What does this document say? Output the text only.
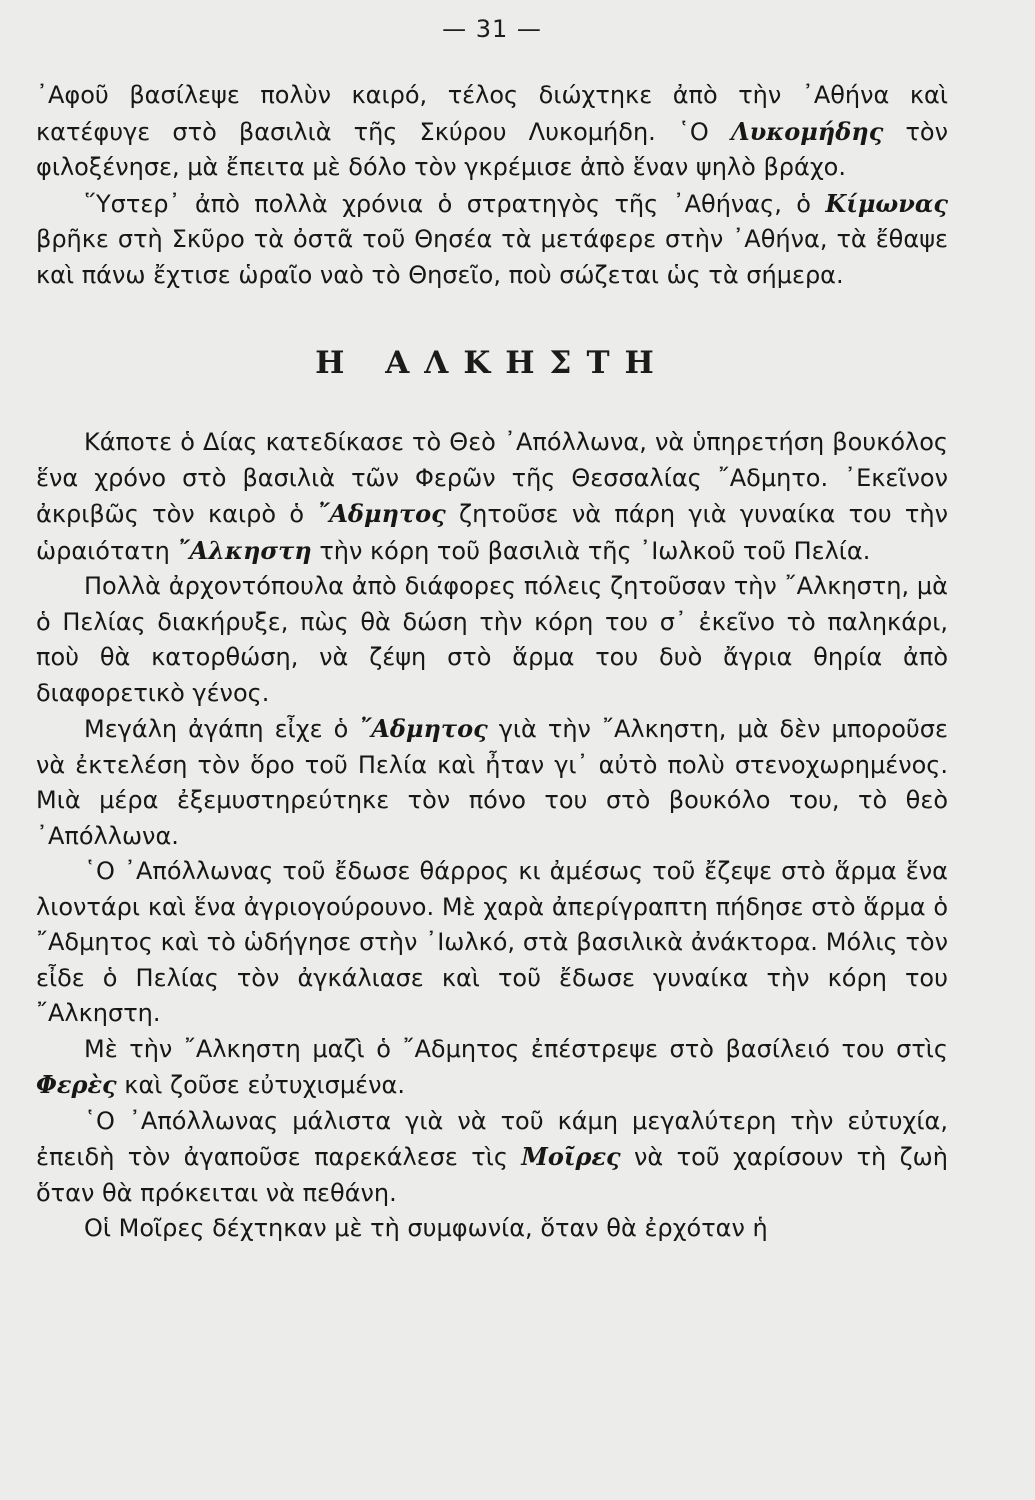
— 31 —

᾿Αφοῦ βασίλεψε πολὺν καιρό, τέλος διώχτηκε ἀπὸ τὴν ᾿Αθήνα καὶ κατέφυγε στὸ βασιλιὰ τῆς Σκύρου Λυκομήδη. ῾Ο Λυκομήδης τὸν φιλοξένησε, μὰ ἔπειτα μὲ δόλο τὸν γκρέμισε ἀπὸ ἕναν ψηλὸ βράχο.

῞Υστερ᾿ ἀπὸ πολλὰ χρόνια ὁ στρατηγὸς τῆς ᾿Αθήνας, ὁ Κίμωνας βρῆκε στὴ Σκῦρο τὰ ὀστᾶ τοῦ Θησέα τὰ μετάφερε στὴν ᾿Αθήνα, τὰ ἔθαψε καὶ πάνω ἔχτισε ὡραῖο ναὸ τὸ Θησεῖο, ποὺ σώζεται ὡς τὰ σήμερα.

Η ΑΛΚΗΣΤΗ

Κάποτε ὁ Δίας κατεδίκασε τὸ Θεὸ ᾿Απόλλωνα, νὰ ὑπηρετήση βουκόλος ἕνα χρόνο στὸ βασιλιὰ τῶν Φερῶν τῆς Θεσσαλίας ῎Αδμητο. ᾿Εκεῖνον ἀκριβῶς τὸν καιρὸ ὁ ῎Αδμητος ζητοῦσε νὰ πάρη γιὰ γυναίκα του τὴν ὡραιότατη ῎Αλκηστη τὴν κόρη τοῦ βασιλιὰ τῆς ᾿Ιωλκοῦ τοῦ Πελία.

Πολλὰ ἀρχοντόπουλα ἀπὸ διάφορες πόλεις ζητοῦσαν τὴν ῎Αλκηστη, μὰ ὁ Πελίας διακήρυξε, πὼς θὰ δώση τὴν κόρη του σ᾿ ἐκεῖνο τὸ παληκάρι, ποὺ θὰ κατορθώση, νὰ ζέψη στὸ ἅρμα του δυὸ ἄγρια θηρία ἀπὸ διαφορετικὸ γένος.

Μεγάλη ἀγάπη εἶχε ὁ ῎Αδμητος γιὰ τὴν ῎Αλκηστη, μὰ δὲν μποροῦσε νὰ ἐκτελέση τὸν ὅρο τοῦ Πελία καὶ ἦταν γι᾿ αὐτὸ πολὺ στενοχωρημένος. Μιὰ μέρα ἐξεμυστηρεύτηκε τὸν πόνο του στὸ βουκόλο του, τὸ θεὸ ᾿Απόλλωνα.

῾Ο ᾿Απόλλωνας τοῦ ἔδωσε θάρρος κι ἀμέσως τοῦ ἔζεψε στὸ ἅρμα ἕνα λιοντάρι καὶ ἕνα ἀγριογούρουνο. Μὲ χαρὰ ἀπερίγραπτη πήδησε στὸ ἅρμα ὁ ῎Αδμητος καὶ τὸ ὡδήγησε στὴν ᾿Ιωλκό, στὰ βασιλικὰ ἀνάκτορα. Μόλις τὸν εἶδε ὁ Πελίας τὸν ἀγκάλιασε καὶ τοῦ ἔδωσε γυναίκα τὴν κόρη του ῎Αλκηστη.

Μὲ τὴν ῎Αλκηστη μαζὶ ὁ ῎Αδμητος ἐπέστρεψε στὸ βασίλειό του στὶς Φερὲς καὶ ζοῦσε εὐτυχισμένα.

῾Ο ᾿Απόλλωνας μάλιστα γιὰ νὰ τοῦ κάμη μεγαλύτερη τὴν εὐτυχία, ἐπειδὴ τὸν ἀγαποῦσε παρεκάλεσε τὶς Μοῖρες νὰ τοῦ χαρίσουν τὴ ζωὴ ὅταν θὰ πρόκειται νὰ πεθάνη.

Οἱ Μοῖρες δέχτηκαν μὲ τὴ συμφωνία, ὅταν θὰ ἐρχόταν ἡ
